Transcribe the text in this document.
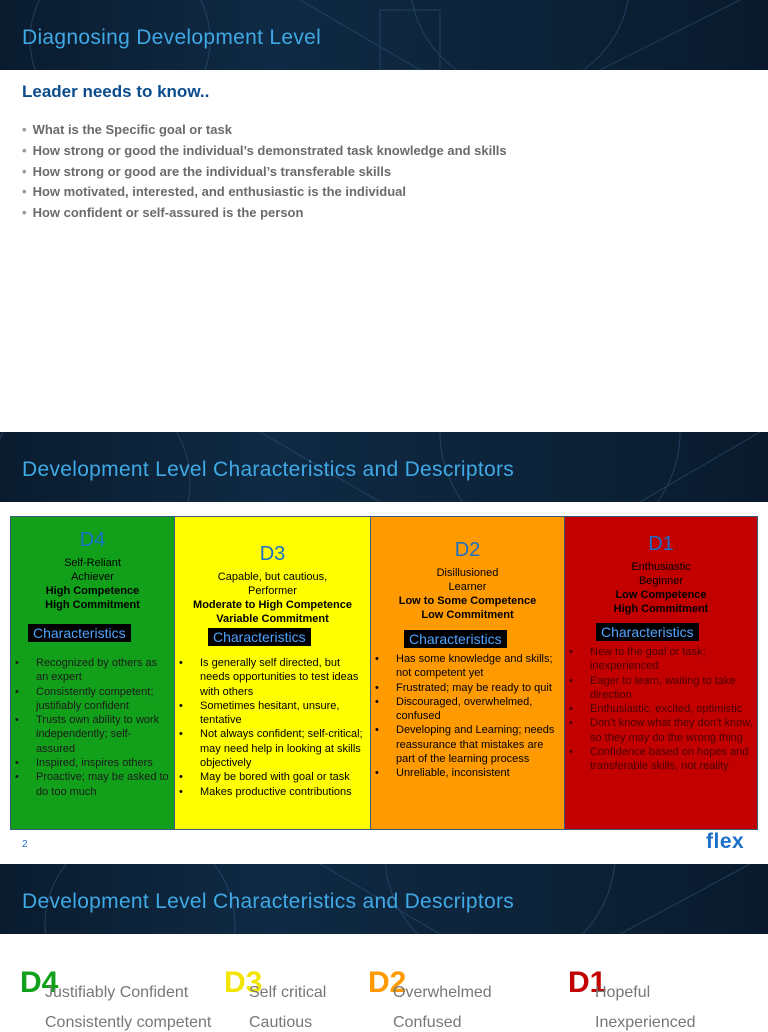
Diagnosing Development Level
Leader needs to know..
• What is the Specific goal or task
• How strong or good the individual’s demonstrated task knowledge and skills
• How strong or good are the individual’s transferable skills
• How motivated, interested, and enthusiastic is the individual
• How confident or self-assured is the person
Development Level Characteristics and Descriptors
D4
Self-Reliant
Achiever
High Competence
High Commitment
Characteristics
• Recognized by others as an expert
• Consistently competent; justifiably confident
• Trusts own ability to work independently; self-assured
• Inspired, inspires others
• Proactive; may be asked to do too much
D3
Capable, but cautious,
Performer
Moderate to High Competence
Variable Commitment
Characteristics
• Is generally self directed, but needs opportunities to test ideas with others
• Sometimes hesitant, unsure, tentative
• Not always confident; self-critical; may need help in looking at skills objectively
• May be bored with goal or task
• Makes productive contributions
D2
Disillusioned
Learner
Low to Some Competence
Low Commitment
Characteristics
• Has some knowledge and skills; not competent yet
• Frustrated; may be ready to quit
• Discouraged, overwhelmed, confused
• Developing and Learning; needs reassurance that mistakes are part of the learning process
• Unreliable, inconsistent
D1
Enthusiastic
Beginner
Low Competence
High Commitment
Characteristics
• New to the goal or task; inexperienced
• Eager to learn, waiting to take direction
• Enthusiastic, excited, optimistic
• Don’t know what they don’t know, so they may do the wrong thing
• Confidence based on hopes and transferable skills, not reality
2	flex
Development Level Characteristics and Descriptors
D4
Justifiably Confident
Consistently competent
D3
Self critical
Cautious
D2
Overwhelmed
Confused
D1
Hopeful
Inexperienced
